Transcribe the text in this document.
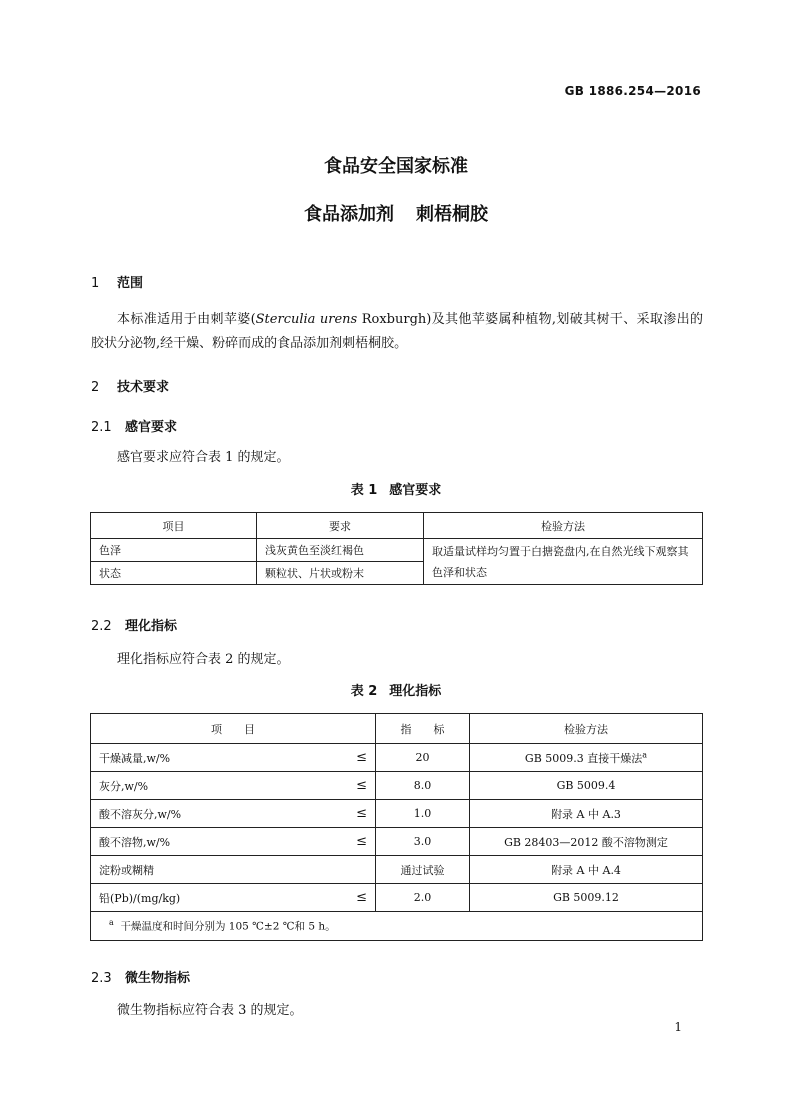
GB 1886.254—2016
食品安全国家标准
食品添加剂 刺梧桐胶
1 范围
本标准适用于由刺苹婆(Sterculia urens Roxburgh)及其他苹婆属种植物,划破其树干、采取渗出的胶状分泌物,经干燥、粉碎而成的食品添加剂刺梧桐胶。
2 技术要求
2.1 感官要求
感官要求应符合表 1 的规定。
表 1 感官要求
项目	要求	检验方法
色泽	浅灰黄色至淡红褐色	取适量试样均匀置于白搪瓷盘内,在自然光线下观察其色泽和状态
状态	颗粒状、片状或粉末	
2.2 理化指标
理化指标应符合表 2 的规定。
表 2 理化指标
项　　目	指　　标	检验方法
干燥减量,w/% ≤	20	GB 5009.3 直接干燥法$^a$
灰分,w/% ≤	8.0	GB 5009.4
酸不溶灰分,w/% ≤	1.0	附录 A 中 A.3
酸不溶物,w/% ≤	3.0	GB 28403—2012 酸不溶物测定
淀粉或糊精	通过试验	附录 A 中 A.4
铅(Pb)/(mg/kg) ≤	2.0	GB 5009.12
$^a$ 干燥温度和时间分别为 105 ℃±2 ℃和 5 h。		
2.3 微生物指标
微生物指标应符合表 3 的规定。
1
